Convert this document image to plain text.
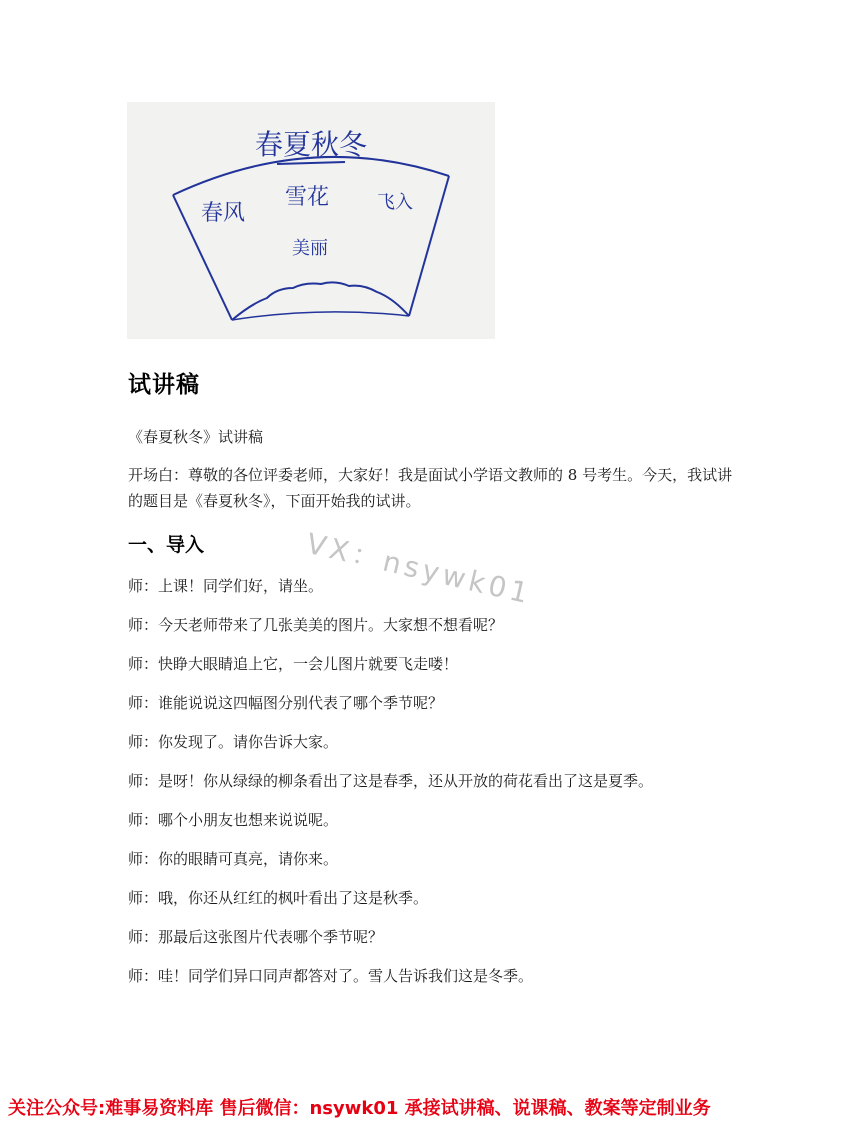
春夏秋冬
春风
雪花	飞入
美丽
试讲稿
《春夏秋冬》试讲稿
开场白：尊敬的各位评委老师，大家好！我是面试小学语文教师的 8 号考生。今天，我试讲 的题目是《春夏秋冬》，下面开始我的试讲。
VX：nsywk01
一、导入
师：上课！同学们好，请坐。
师：今天老师带来了几张美美的图片。大家想不想看呢？
师：快睁大眼睛追上它，一会儿图片就要飞走喽！
师：谁能说说这四幅图分别代表了哪个季节呢？
师：你发现了。请你告诉大家。
师：是呀！你从绿绿的柳条看出了这是春季，还从开放的荷花看出了这是夏季。
师：哪个小朋友也想来说说呢。
师：你的眼睛可真亮，请你来。
师：哦，你还从红红的枫叶看出了这是秋季。
师：那最后这张图片代表哪个季节呢？
师：哇！同学们异口同声都答对了。雪人告诉我们这是冬季。
关注公众号:难事易资料库 售后微信：nsywk01 承接试讲稿、说课稿、教案等定制业务
